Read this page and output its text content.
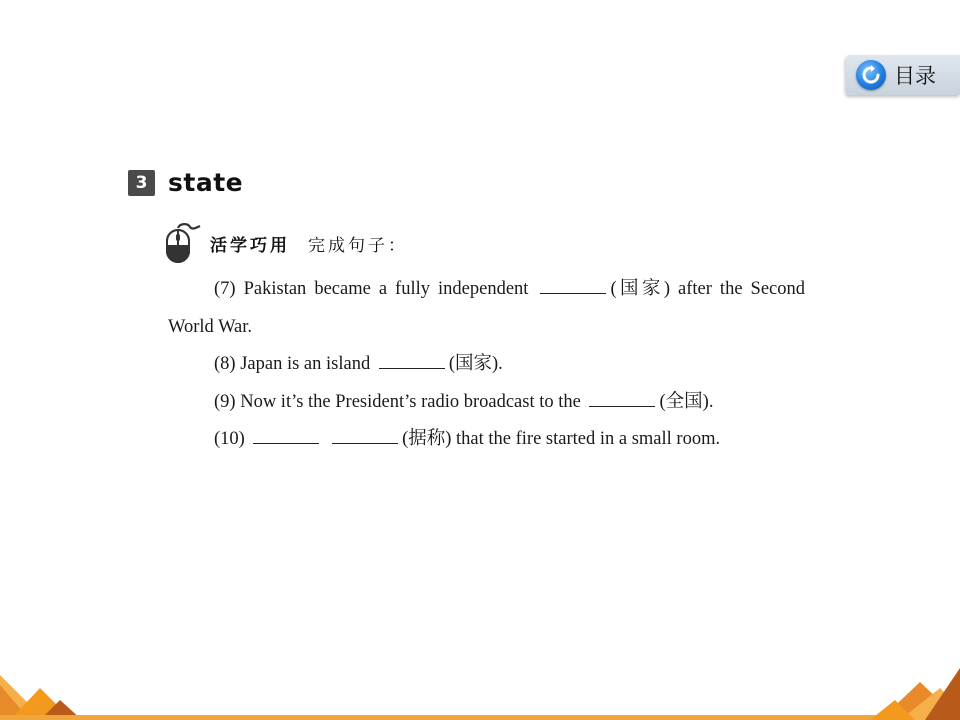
目录
3 state
活学巧用 完成句子：

(7) Pakistan became a fully independent	(国家) after the Second World War.

(8) Japan is an island	(国家).

(9) Now it’s the President’s radio broadcast to the	(全国).

(10)	(据称) that the fire started in a small room.
